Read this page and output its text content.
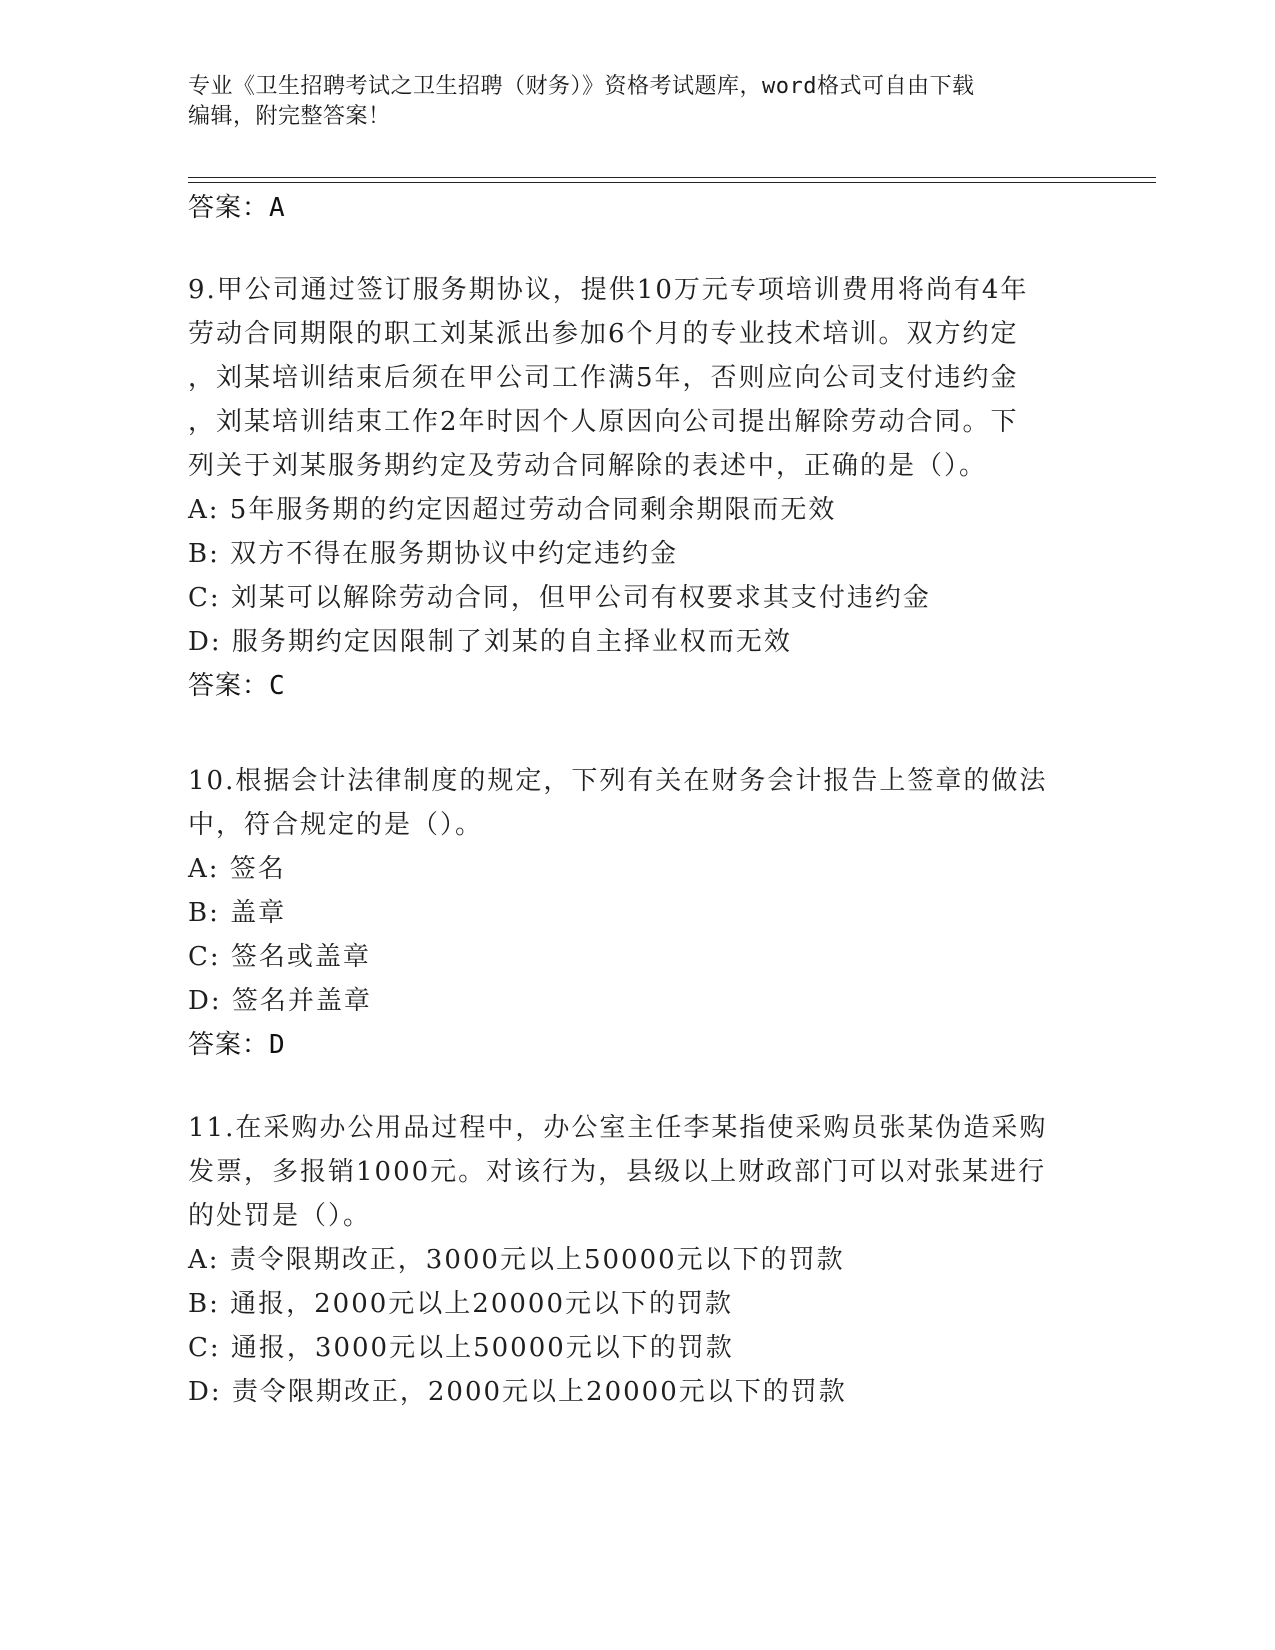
专业《卫生招聘考试之卫生招聘（财务）》资格考试题库，word格式可自由下载
编辑，附完整答案！
答案：A
9.甲公司通过签订服务期协议，提供10万元专项培训费用将尚有4年
劳动合同期限的职工刘某派出参加6个月的专业技术培训。双方约定
，刘某培训结束后须在甲公司工作满5年，否则应向公司支付违约金
，刘某培训结束工作2年时因个人原因向公司提出解除劳动合同。下
列关于刘某服务期约定及劳动合同解除的表述中，正确的是（）。
A: 5年服务期的约定因超过劳动合同剩余期限而无效
B: 双方不得在服务期协议中约定违约金
C: 刘某可以解除劳动合同，但甲公司有权要求其支付违约金
D: 服务期约定因限制了刘某的自主择业权而无效
答案：C
10.根据会计法律制度的规定，下列有关在财务会计报告上签章的做法
中，符合规定的是（）。
A: 签名
B: 盖章
C: 签名或盖章
D: 签名并盖章
答案：D
11.在采购办公用品过程中，办公室主任李某指使采购员张某伪造采购
发票，多报销1000元。对该行为，县级以上财政部门可以对张某进行
的处罚是（）。
A: 责令限期改正，3000元以上50000元以下的罚款
B: 通报，2000元以上20000元以下的罚款
C: 通报，3000元以上50000元以下的罚款
D: 责令限期改正，2000元以上20000元以下的罚款
